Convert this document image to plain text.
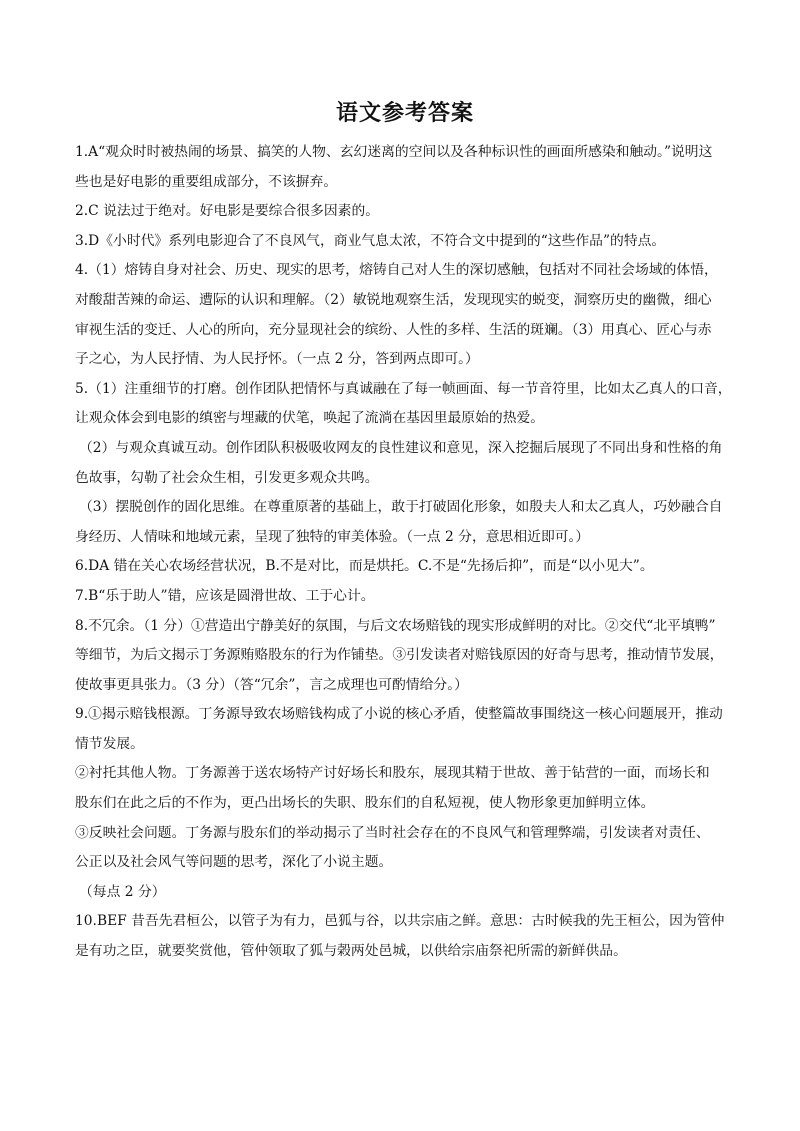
语文参考答案
1.A“观众时时被热闹的场景、搞笑的人物、玄幻迷离的空间以及各种标识性的画面所感染和触动。”说明这
些也是好电影的重要组成部分，不该摒弃。
2.C 说法过于绝对。好电影是要综合很多因素的。
3.D《小时代》系列电影迎合了不良风气，商业气息太浓，不符合文中提到的“这些作品”的特点。
4.（1）熔铸自身对社会、历史、现实的思考，熔铸自己对人生的深切感触，包括对不同社会场域的体悟，
对酸甜苦辣的命运、遭际的认识和理解。（2）敏锐地观察生活，发现现实的蜕变，洞察历史的幽微，细心
审视生活的变迁、人心的所向，充分显现社会的缤纷、人性的多样、生活的斑斓。（3）用真心、匠心与赤
子之心，为人民抒情、为人民抒怀。（一点 2 分，答到两点即可。）
5.（1）注重细节的打磨。创作团队把情怀与真诚融在了每一帧画面、每一节音符里，比如太乙真人的口音，
让观众体会到电影的缜密与埋藏的伏笔，唤起了流淌在基因里最原始的热爱。
（2）与观众真诚互动。创作团队积极吸收网友的良性建议和意见，深入挖掘后展现了不同出身和性格的角
色故事，勾勒了社会众生相，引发更多观众共鸣。
（3）摆脱创作的固化思维。在尊重原著的基础上，敢于打破固化形象，如殷夫人和太乙真人，巧妙融合自
身经历、人情味和地域元素，呈现了独特的审美体验。（一点 2 分，意思相近即可。）
6.DA 错在关心农场经营状况，B.不是对比，而是烘托。C.不是“先扬后抑”，而是“以小见大”。
7.B“乐于助人”错，应该是圆滑世故、工于心计。
8.不冗余。（1 分）①营造出宁静美好的氛围，与后文农场赔钱的现实形成鲜明的对比。②交代“北平填鸭”
等细节，为后文揭示丁务源贿赂股东的行为作铺垫。③引发读者对赔钱原因的好奇与思考，推动情节发展，
使故事更具张力。（3 分）（答“冗余”，言之成理也可酌情给分。）
9.①揭示赔钱根源。丁务源导致农场赔钱构成了小说的核心矛盾，使整篇故事围绕这一核心问题展开，推动
情节发展。
②衬托其他人物。丁务源善于送农场特产讨好场长和股东，展现其精于世故、善于钻营的一面，而场长和
股东们在此之后的不作为，更凸出场长的失职、股东们的自私短视，使人物形象更加鲜明立体。
③反映社会问题。丁务源与股东们的举动揭示了当时社会存在的不良风气和管理弊端，引发读者对责任、
公正以及社会风气等问题的思考，深化了小说主题。
（每点 2 分）
10.BEF 昔吾先君桓公，以管子为有力，邑狐与谷，以共宗庙之鲜。意思：古时候我的先王桓公，因为管仲
是有功之臣，就要奖赏他，管仲领取了狐与榖两处邑城，以供给宗庙祭祀所需的新鲜供品。
